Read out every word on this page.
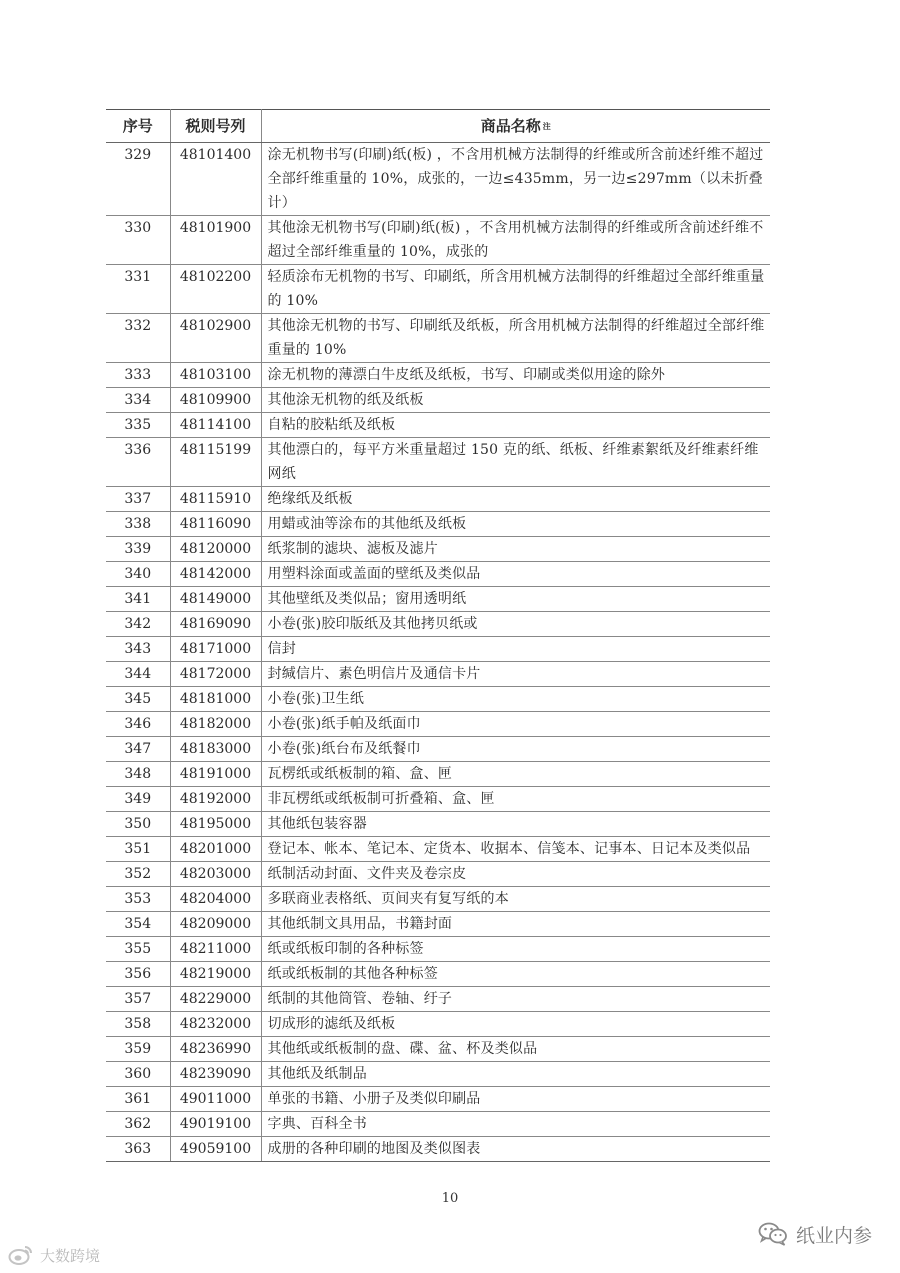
序号	税则号列	商品名称 $^注$
329	48101400	涂无机物书写(印刷)纸(板) ，不含用机械方法制得的纤维或所含前述纤维不超过全部纤维重量的 10%，成张的，一边≤435mm，另一边≤297mm（以未折叠计）
330	48101900	其他涂无机物书写(印刷)纸(板) ，不含用机械方法制得的纤维或所含前述纤维不超过全部纤维重量的 10%，成张的
331	48102200	轻质涂布无机物的书写、印刷纸，所含用机械方法制得的纤维超过全部纤维重量的 10%
332	48102900	其他涂无机物的书写、印刷纸及纸板，所含用机械方法制得的纤维超过全部纤维重量的 10%
333	48103100	涂无机物的薄漂白牛皮纸及纸板，书写、印刷或类似用途的除外
334	48109900	其他涂无机物的纸及纸板
335	48114100	自粘的胶粘纸及纸板
336	48115199	其他漂白的，每平方米重量超过 150 克的纸、纸板、纤维素絮纸及纤维素纤维网纸
337	48115910	绝缘纸及纸板
338	48116090	用蜡或油等涂布的其他纸及纸板
339	48120000	纸浆制的滤块、滤板及滤片
340	48142000	用塑料涂面或盖面的壁纸及类似品
341	48149000	其他壁纸及类似品；窗用透明纸
342	48169090	小卷(张)胶印版纸及其他拷贝纸或
343	48171000	信封
344	48172000	封缄信片、素色明信片及通信卡片
345	48181000	小卷(张)卫生纸
346	48182000	小卷(张)纸手帕及纸面巾
347	48183000	小卷(张)纸台布及纸餐巾
348	48191000	瓦楞纸或纸板制的箱、盒、匣
349	48192000	非瓦楞纸或纸板制可折叠箱、盒、匣
350	48195000	其他纸包装容器
351	48201000	登记本、帐本、笔记本、定货本、收据本、信笺本、记事本、日记本及类似品
352	48203000	纸制活动封面、文件夹及卷宗皮
353	48204000	多联商业表格纸、页间夹有复写纸的本
354	48209000	其他纸制文具用品，书籍封面
355	48211000	纸或纸板印制的各种标签
356	48219000	纸或纸板制的其他各种标签
357	48229000	纸制的其他筒管、卷轴、纡子
358	48232000	切成形的滤纸及纸板
359	48236990	其他纸或纸板制的盘、碟、盆、杯及类似品
360	48239090	其他纸及纸制品
361	49011000	单张的书籍、小册子及类似印刷品
362	49019100	字典、百科全书
363	49059100	成册的各种印刷的地图及类似图表
10
大数跨境
纸业内参
